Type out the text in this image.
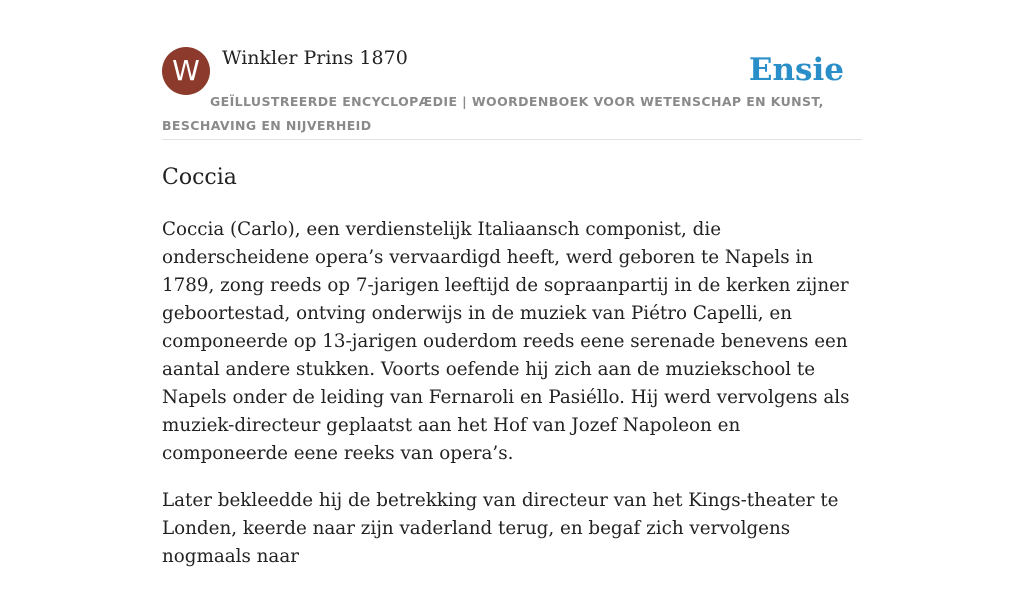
W	Winkler Prins 1870
GEÏLLUSTREERDE ENCYCLOPÆDIE | WOORDENBOEK VOOR WETENSCHAP EN KUNST, BESCHAVING EN NIJVERHEID
Ensie
Coccia

Coccia (Carlo), een verdienstelijk Italiaansch componist, die onderscheidene opera’s vervaardigd heeft, werd geboren te Napels in 1789, zong reeds op 7-jarigen leeftijd de sopraanpartij in de kerken zijner geboortestad, ontving onderwijs in de muziek van Piétro Capelli, en componeerde op 13-jarigen ouderdom reeds eene serenade benevens een aantal andere stukken. Voorts oefende hij zich aan de muziekschool te Napels onder de leiding van Fernaroli en Pasiéllo. Hij werd vervolgens als muziek-directeur geplaatst aan het Hof van Jozef Napoleon en componeerde eene reeks van opera’s.

Later bekleedde hij de betrekking van directeur van het Kings-theater te Londen, keerde naar zijn vaderland terug, en begaf zich vervolgens nogmaals naar
